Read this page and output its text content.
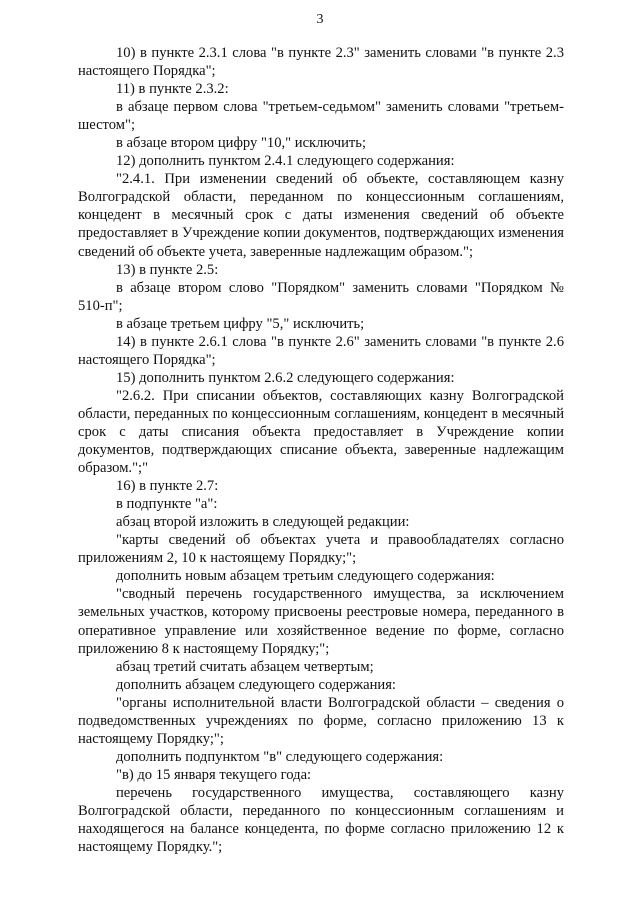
3

10) в пункте 2.3.1 слова "в пункте 2.3" заменить словами "в пункте 2.3 настоящего Порядка";

11) в пункте 2.3.2:

в абзаце первом слова "третьем-седьмом" заменить словами "третьем-шестом";

в абзаце втором цифру "10," исключить;

12) дополнить пунктом 2.4.1 следующего содержания:

"2.4.1. При изменении сведений об объекте, составляющем казну Волгоградской области, переданном по концессионным соглашениям, концедент в месячный срок с даты изменения сведений об объекте предоставляет в Учреждение копии документов, подтверждающих изменения сведений об объекте учета, заверенные надлежащим образом.";

13) в пункте 2.5:

в абзаце втором слово "Порядком" заменить словами "Порядком № 510-п";

в абзаце третьем цифру "5," исключить;

14) в пункте 2.6.1 слова "в пункте 2.6" заменить словами "в пункте 2.6 настоящего Порядка";

15) дополнить пунктом 2.6.2 следующего содержания:

"2.6.2. При списании объектов, составляющих казну Волгоградской области, переданных по концессионным соглашениям, концедент в месячный срок с даты списания объекта предоставляет в Учреждение копии документов, подтверждающих списание объекта, заверенные надлежащим образом.";"

16) в пункте 2.7:

в подпункте "а":

абзац второй изложить в следующей редакции:

"карты сведений об объектах учета и правообладателях согласно приложениям 2, 10 к настоящему Порядку;";

дополнить новым абзацем третьим следующего содержания:

"сводный перечень государственного имущества, за исключением земельных участков, которому присвоены реестровые номера, переданного в оперативное управление или хозяйственное ведение по форме, согласно приложению 8 к настоящему Порядку;";

абзац третий считать абзацем четвертым;

дополнить абзацем следующего содержания:

"органы исполнительной власти Волгоградской области – сведения о подведомственных учреждениях по форме, согласно приложению 13 к настоящему Порядку;";

дополнить подпунктом "в" следующего содержания:

"в) до 15 января текущего года:

перечень государственного имущества, составляющего казну Волгоградской области, переданного по концессионным соглашениям и находящегося на балансе концедента, по форме согласно приложению 12 к настоящему Порядку.";
